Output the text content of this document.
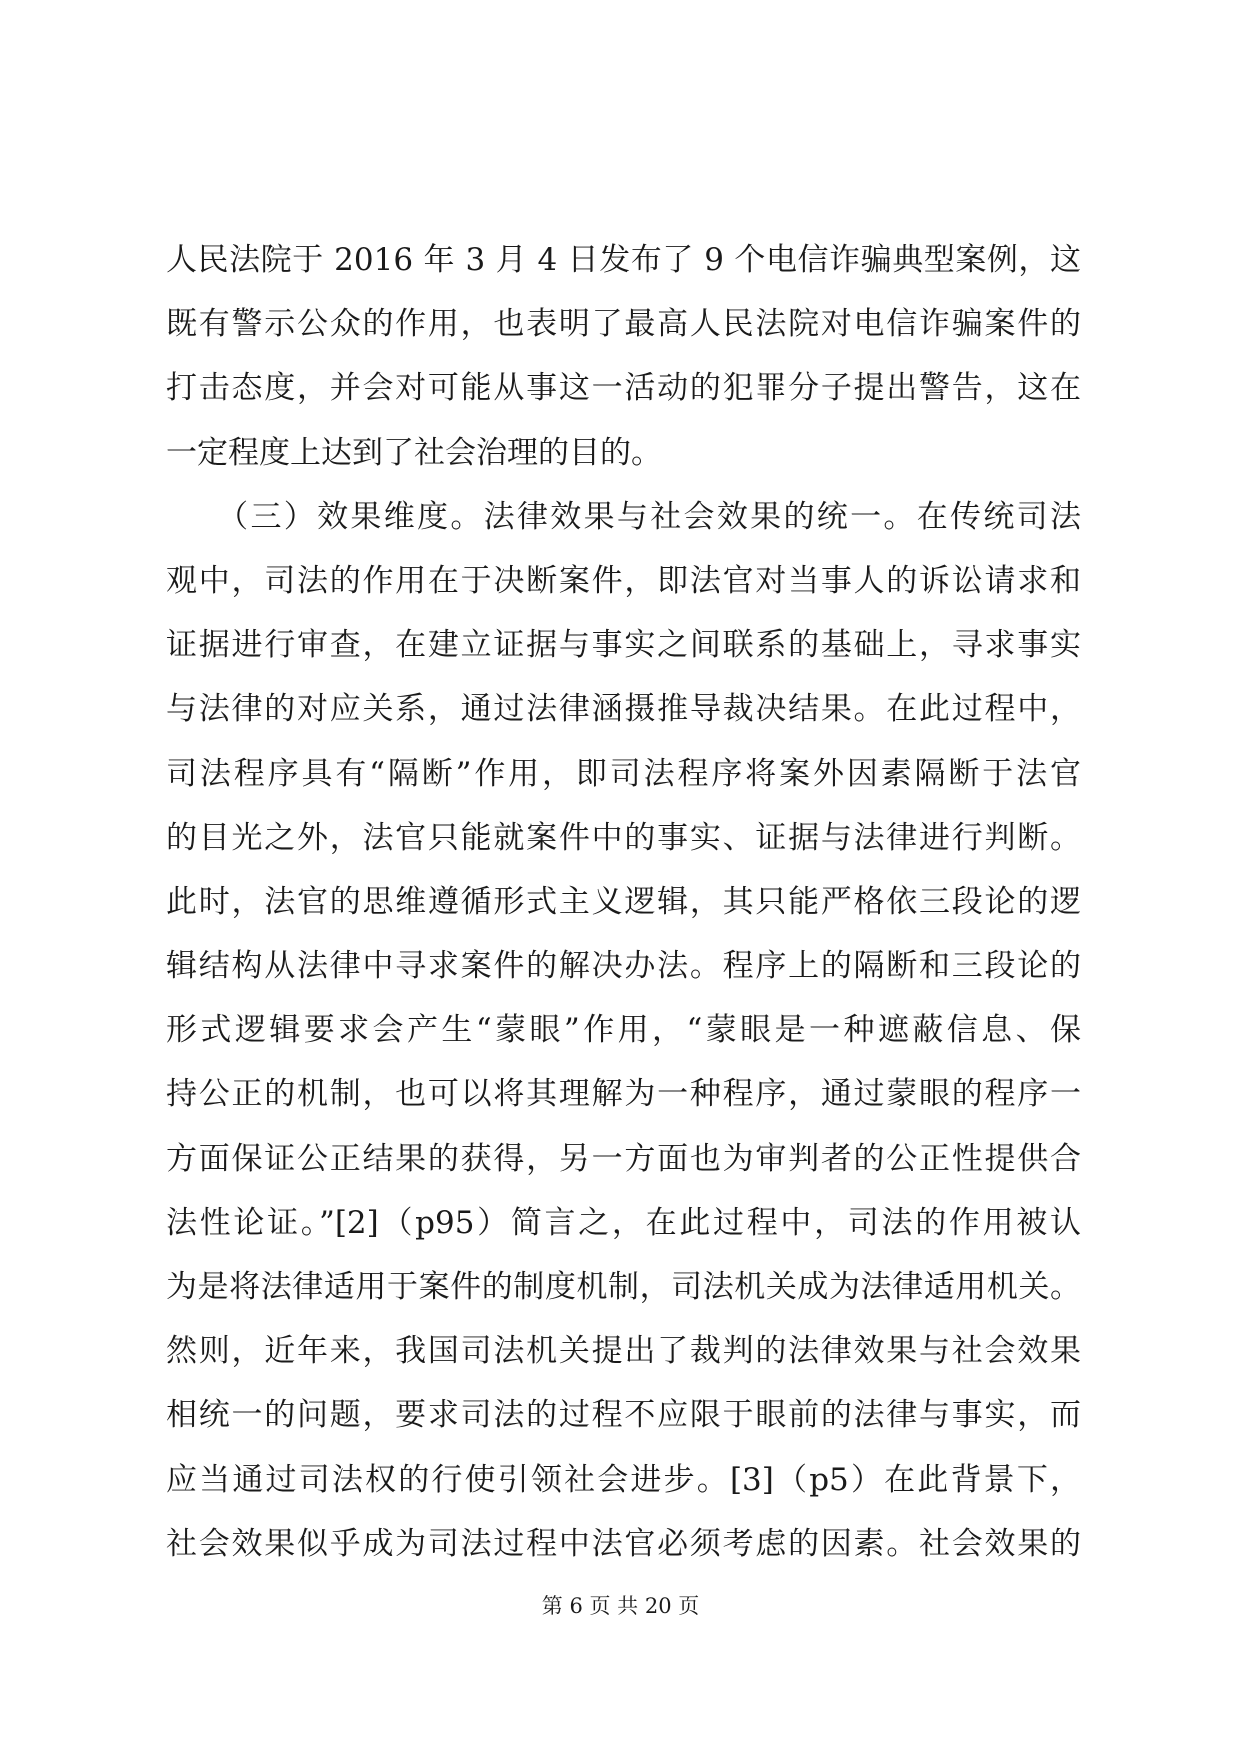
人民法院于 2016 年 3 月 4 日发布了 9 个电信诈骗典型案例，这
既有警示公众的作用，也表明了最高人民法院对电信诈骗案件的
打击态度，并会对可能从事这一活动的犯罪分子提出警告，这在
一定程度上达到了社会治理的目的。
　　（三）效果维度。法律效果与社会效果的统一。在传统司法
观中，司法的作用在于决断案件，即法官对当事人的诉讼请求和
证据进行审查，在建立证据与事实之间联系的基础上，寻求事实
与法律的对应关系，通过法律涵摄推导裁决结果。在此过程中，
司法程序具有“隔断”作用，即司法程序将案外因素隔断于法官
的目光之外，法官只能就案件中的事实、证据与法律进行判断。
此时，法官的思维遵循形式主义逻辑，其只能严格依三段论的逻
辑结构从法律中寻求案件的解决办法。程序上的隔断和三段论的
形式逻辑要求会产生“蒙眼”作用，“蒙眼是一种遮蔽信息、保
持公正的机制，也可以将其理解为一种程序，通过蒙眼的程序一
方面保证公正结果的获得，另一方面也为审判者的公正性提供合
法性论证。”[2]（p95）简言之，在此过程中，司法的作用被认
为是将法律适用于案件的制度机制，司法机关成为法律适用机关。
然则，近年来，我国司法机关提出了裁判的法律效果与社会效果
相统一的问题，要求司法的过程不应限于眼前的法律与事实，而
应当通过司法权的行使引领社会进步。[3]（p5）在此背景下，
社会效果似乎成为司法过程中法官必须考虑的因素。社会效果的
第 6 页 共 20 页
